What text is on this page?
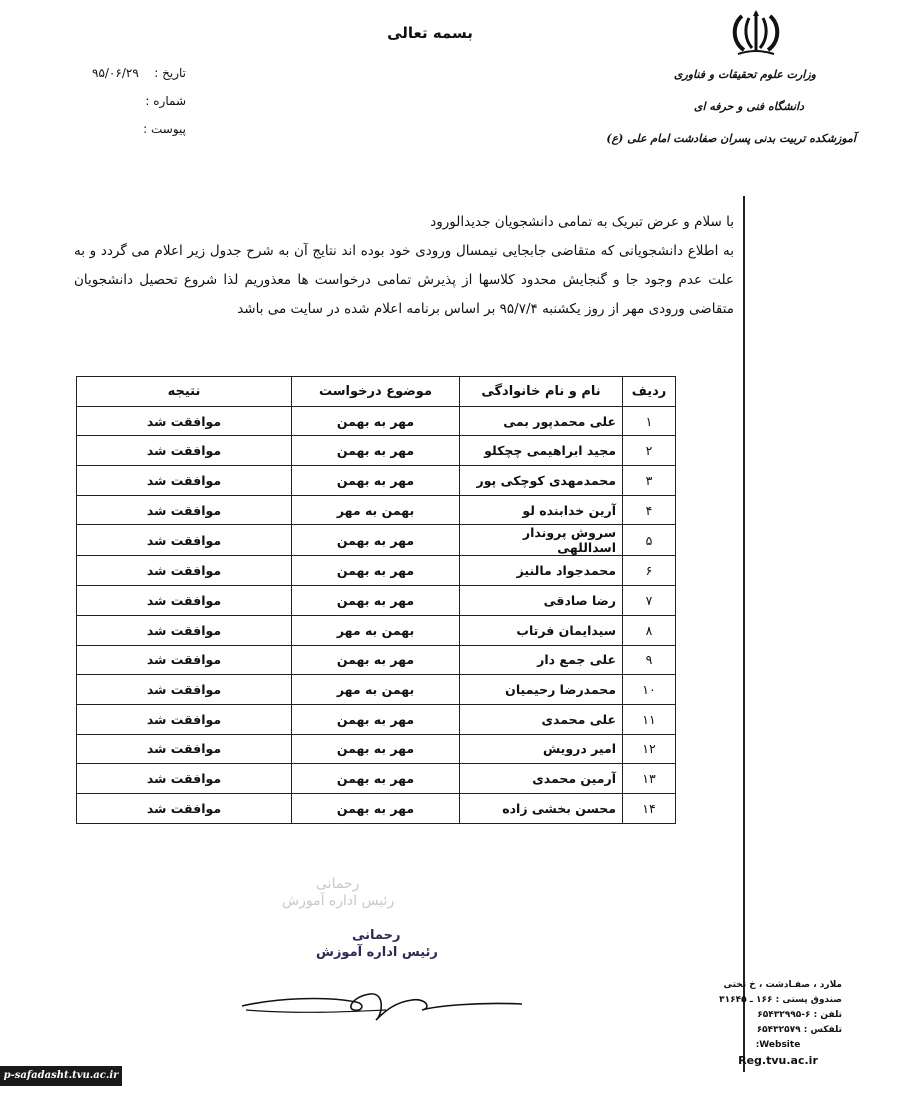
بسمه تعالی
وزارت علوم تحقیقات و فناوری
دانشگاه فنی و حرفه ای
آموزشکده تربیت بدنی پسران صفادشت امام علی (ع)
تاریخ :
۹۵/۰۶/۲۹
شماره :
پیوست :

با سلام و عرض تبریک به تمامی دانشجویان جدیدالورود

به اطلاع دانشجویانی که متقاضی جابجایی نیمسال ورودی خود بوده اند نتایج آن به شرح جدول زیر اعلام می گردد و به علت عدم وجود جا و گنجایش محدود کلاسها از پذیرش تمامی درخواست ها معذوریم لذا شروع تحصیل دانشجویان متقاضی ورودی مهر از روز یکشنبه ۹۵/۷/۴ بر اساس برنامه اعلام شده در سایت می باشد

ردیف	نام و نام خانوادگی	موضوع درخواست	نتیجه
۱	علی محمدپور بمی	مهر به بهمن	موافقت شد
۲	مجید ابراهیمی چچکلو	مهر به بهمن	موافقت شد
۳	محمدمهدی کوچکی پور	مهر به بهمن	موافقت شد
۴	آرین خدابنده لو	بهمن به مهر	موافقت شد
۵	سروش پروندار اسداللهی	مهر به بهمن	موافقت شد
۶	محمدجواد مالنیز	مهر به بهمن	موافقت شد
۷	رضا صادقی	مهر به بهمن	موافقت شد
۸	سیدایمان فرتاب	بهمن به مهر	موافقت شد
۹	علی جمع دار	مهر به بهمن	موافقت شد
۱۰	محمدرضا رحیمیان	بهمن به مهر	موافقت شد
۱۱	علی محمدی	مهر به بهمن	موافقت شد
۱۲	امیر درویش	مهر به بهمن	موافقت شد
۱۳	آرمین محمدی	مهر به بهمن	موافقت شد
۱۴	محسن بخشی زاده	مهر به بهمن	موافقت شد
رحمانی
رئیس اداره آموزش
رحمانی
رئیس اداره آموزش
ملارد ، صفـادشت ، خ تختی
صندوق پستی : ۱۶۶ ـ ۳۱۶۴۵
تلفن : ۶-۶۵۴۳۲۹۹۵
تلفکس : ۶۵۴۳۲۵۷۹
Website:
Reg.tvu.ac.ir
p-safadasht.tvu.ac.ir
